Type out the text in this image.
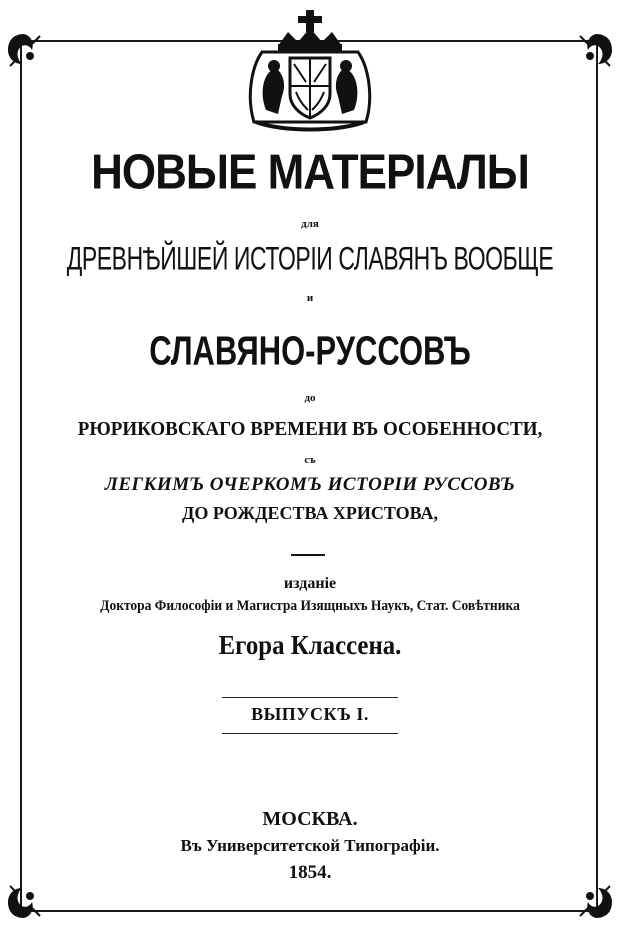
НОВЫЕ МАТЕРІАЛЫ
для
ДРЕВНѢЙШЕЙ ИСТОРІИ СЛАВЯНЪ ВООБЩЕ
и
СЛАВЯНО-РУССОВЪ
до
РЮРИКОВСКАГО ВРЕМЕНИ ВЪ ОСОБЕННОСТИ,
съ
ЛЕГКИМЪ ОЧЕРКОМЪ ИСТОРІИ РУССОВЪ
ДО РОЖДЕСТВА ХРИСТОВА,
изданіе
Доктора Философіи и Магистра Изящныхъ Наукъ, Стат. Совѣтника
Егора Классена.
ВЫПУСКЪ I.
МОСКВА.
Въ Университетской Типографіи.
1854.
